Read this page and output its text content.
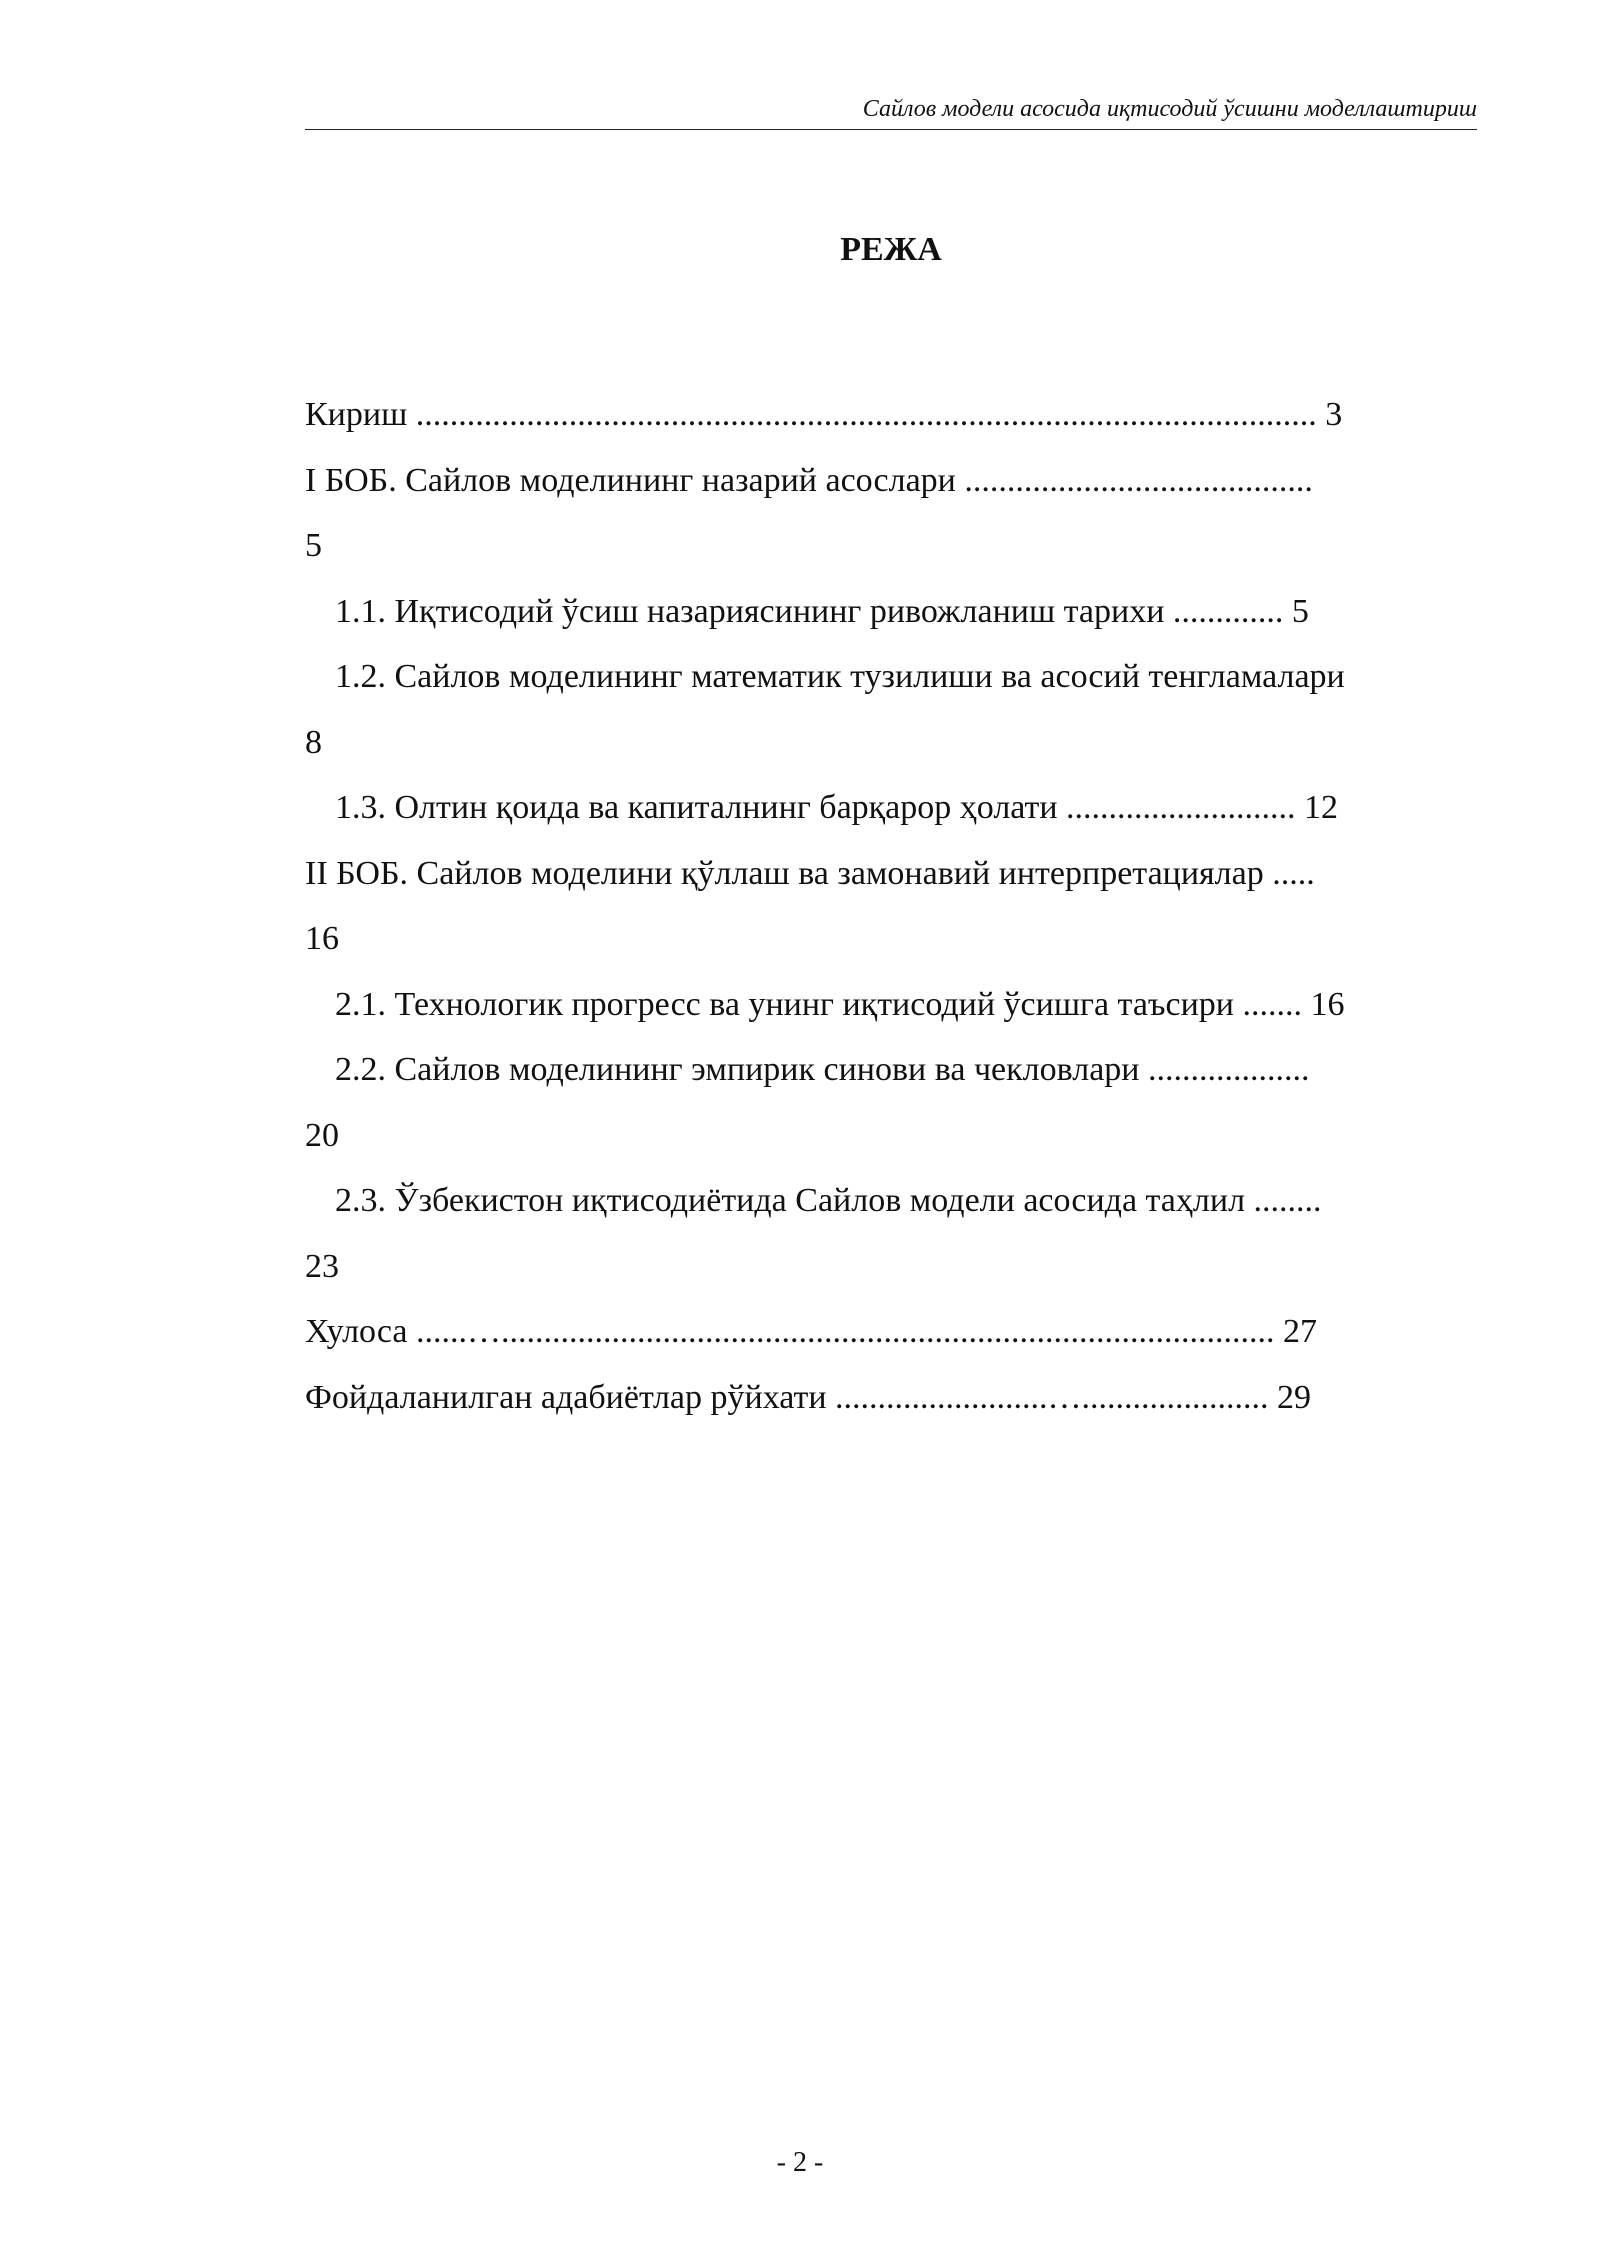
Сайлов модели асосида иқтисодий ўсишни моделлаштириш
РЕЖА
Кириш .......................................................................................................... 3
I БОБ. Сайлов моделининг назарий асослари .........................................
5
1.1. Иқтисодий ўсиш назариясининг ривожланиш тарихи ............. 5
1.2. Сайлов моделининг математик тузилиши ва асосий тенгламалари
8
1.3. Олтин қоида ва капиталнинг барқарор ҳолати ........................... 12
II БОБ. Сайлов моделини қўллаш ва замонавий интерпретациялар .....
16
2.1. Технологик прогресс ва унинг иқтисодий ўсишга таъсири ....... 16
2.2. Сайлов моделининг эмпирик синови ва чекловлари ...................
20
2.3. Ўзбекистон иқтисодиётида Сайлов модели асосида таҳлил ........
23
Хулоса ......…........................................................................................... 27
Фойдаланилган адабиётлар рўйхати .........................…...................... 29
- 2 -
